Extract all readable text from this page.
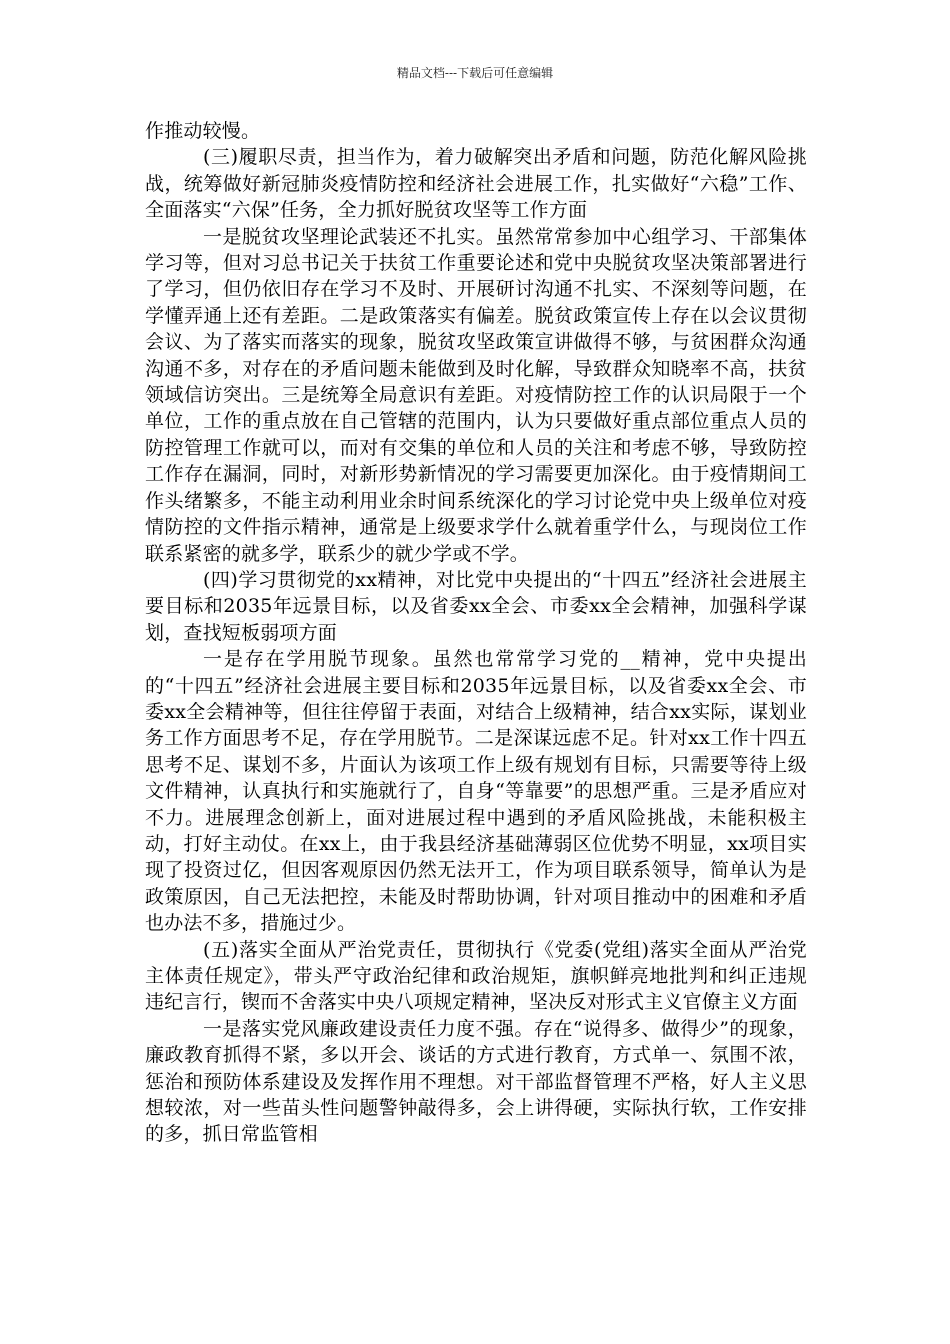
精品文档---下载后可任意编辑

作推动较慢。

(三)履职尽责，担当作为，着力破解突出矛盾和问题，防范化解风险挑战，统筹做好新冠肺炎疫情防控和经济社会进展工作，扎实做好“六稳”工作、全面落实“六保”任务，全力抓好脱贫攻坚等工作方面

一是脱贫攻坚理论武装还不扎实。虽然常常参加中心组学习、干部集体学习等，但对习总书记关于扶贫工作重要论述和党中央脱贫攻坚决策部署进行了学习，但仍依旧存在学习不及时、开展研讨沟通不扎实、不深刻等问题，在学懂弄通上还有差距。二是政策落实有偏差。脱贫政策宣传上存在以会议贯彻会议、为了落实而落实的现象，脱贫攻坚政策宣讲做得不够，与贫困群众沟通沟通不多，对存在的矛盾问题未能做到及时化解，导致群众知晓率不高，扶贫领域信访突出。三是统筹全局意识有差距。对疫情防控工作的认识局限于一个单位，工作的重点放在自己管辖的范围内，认为只要做好重点部位重点人员的防控管理工作就可以，而对有交集的单位和人员的关注和考虑不够，导致防控工作存在漏洞，同时，对新形势新情况的学习需要更加深化。由于疫情期间工作头绪繁多，不能主动利用业余时间系统深化的学习讨论党中央上级单位对疫情防控的文件指示精神，通常是上级要求学什么就着重学什么，与现岗位工作联系紧密的就多学，联系少的就少学或不学。

(四)学习贯彻党的xx精神，对比党中央提出的“十四五”经济社会进展主要目标和2035年远景目标，以及省委xx全会、市委xx全会精神，加强科学谋划，查找短板弱项方面

一是存在学用脱节现象。虽然也常常学习党的__精神，党中央提出的“十四五”经济社会进展主要目标和2035年远景目标，以及省委xx全会、市委xx全会精神等，但往往停留于表面，对结合上级精神，结合xx实际，谋划业务工作方面思考不足，存在学用脱节。二是深谋远虑不足。针对xx工作十四五思考不足、谋划不多，片面认为该项工作上级有规划有目标，只需要等待上级文件精神，认真执行和实施就行了，自身“等靠要”的思想严重。三是矛盾应对不力。进展理念创新上，面对进展过程中遇到的矛盾风险挑战，未能积极主动，打好主动仗。在xx上，由于我县经济基础薄弱区位优势不明显，xx项目实现了投资过亿，但因客观原因仍然无法开工，作为项目联系领导，简单认为是政策原因，自己无法把控，未能及时帮助协调，针对项目推动中的困难和矛盾也办法不多，措施过少。

(五)落实全面从严治党责任，贯彻执行《党委(党组)落实全面从严治党主体责任规定》，带头严守政治纪律和政治规矩，旗帜鲜亮地批判和纠正违规违纪言行，锲而不舍落实中央八项规定精神，坚决反对形式主义官僚主义方面

一是落实党风廉政建设责任力度不强。存在“说得多、做得少”的现象，廉政教育抓得不紧，多以开会、谈话的方式进行教育，方式单一、氛围不浓，惩治和预防体系建设及发挥作用不理想。对干部监督管理不严格，好人主义思想较浓，对一些苗头性问题警钟敲得多，会上讲得硬，实际执行软，工作安排的多，抓日常监管相
